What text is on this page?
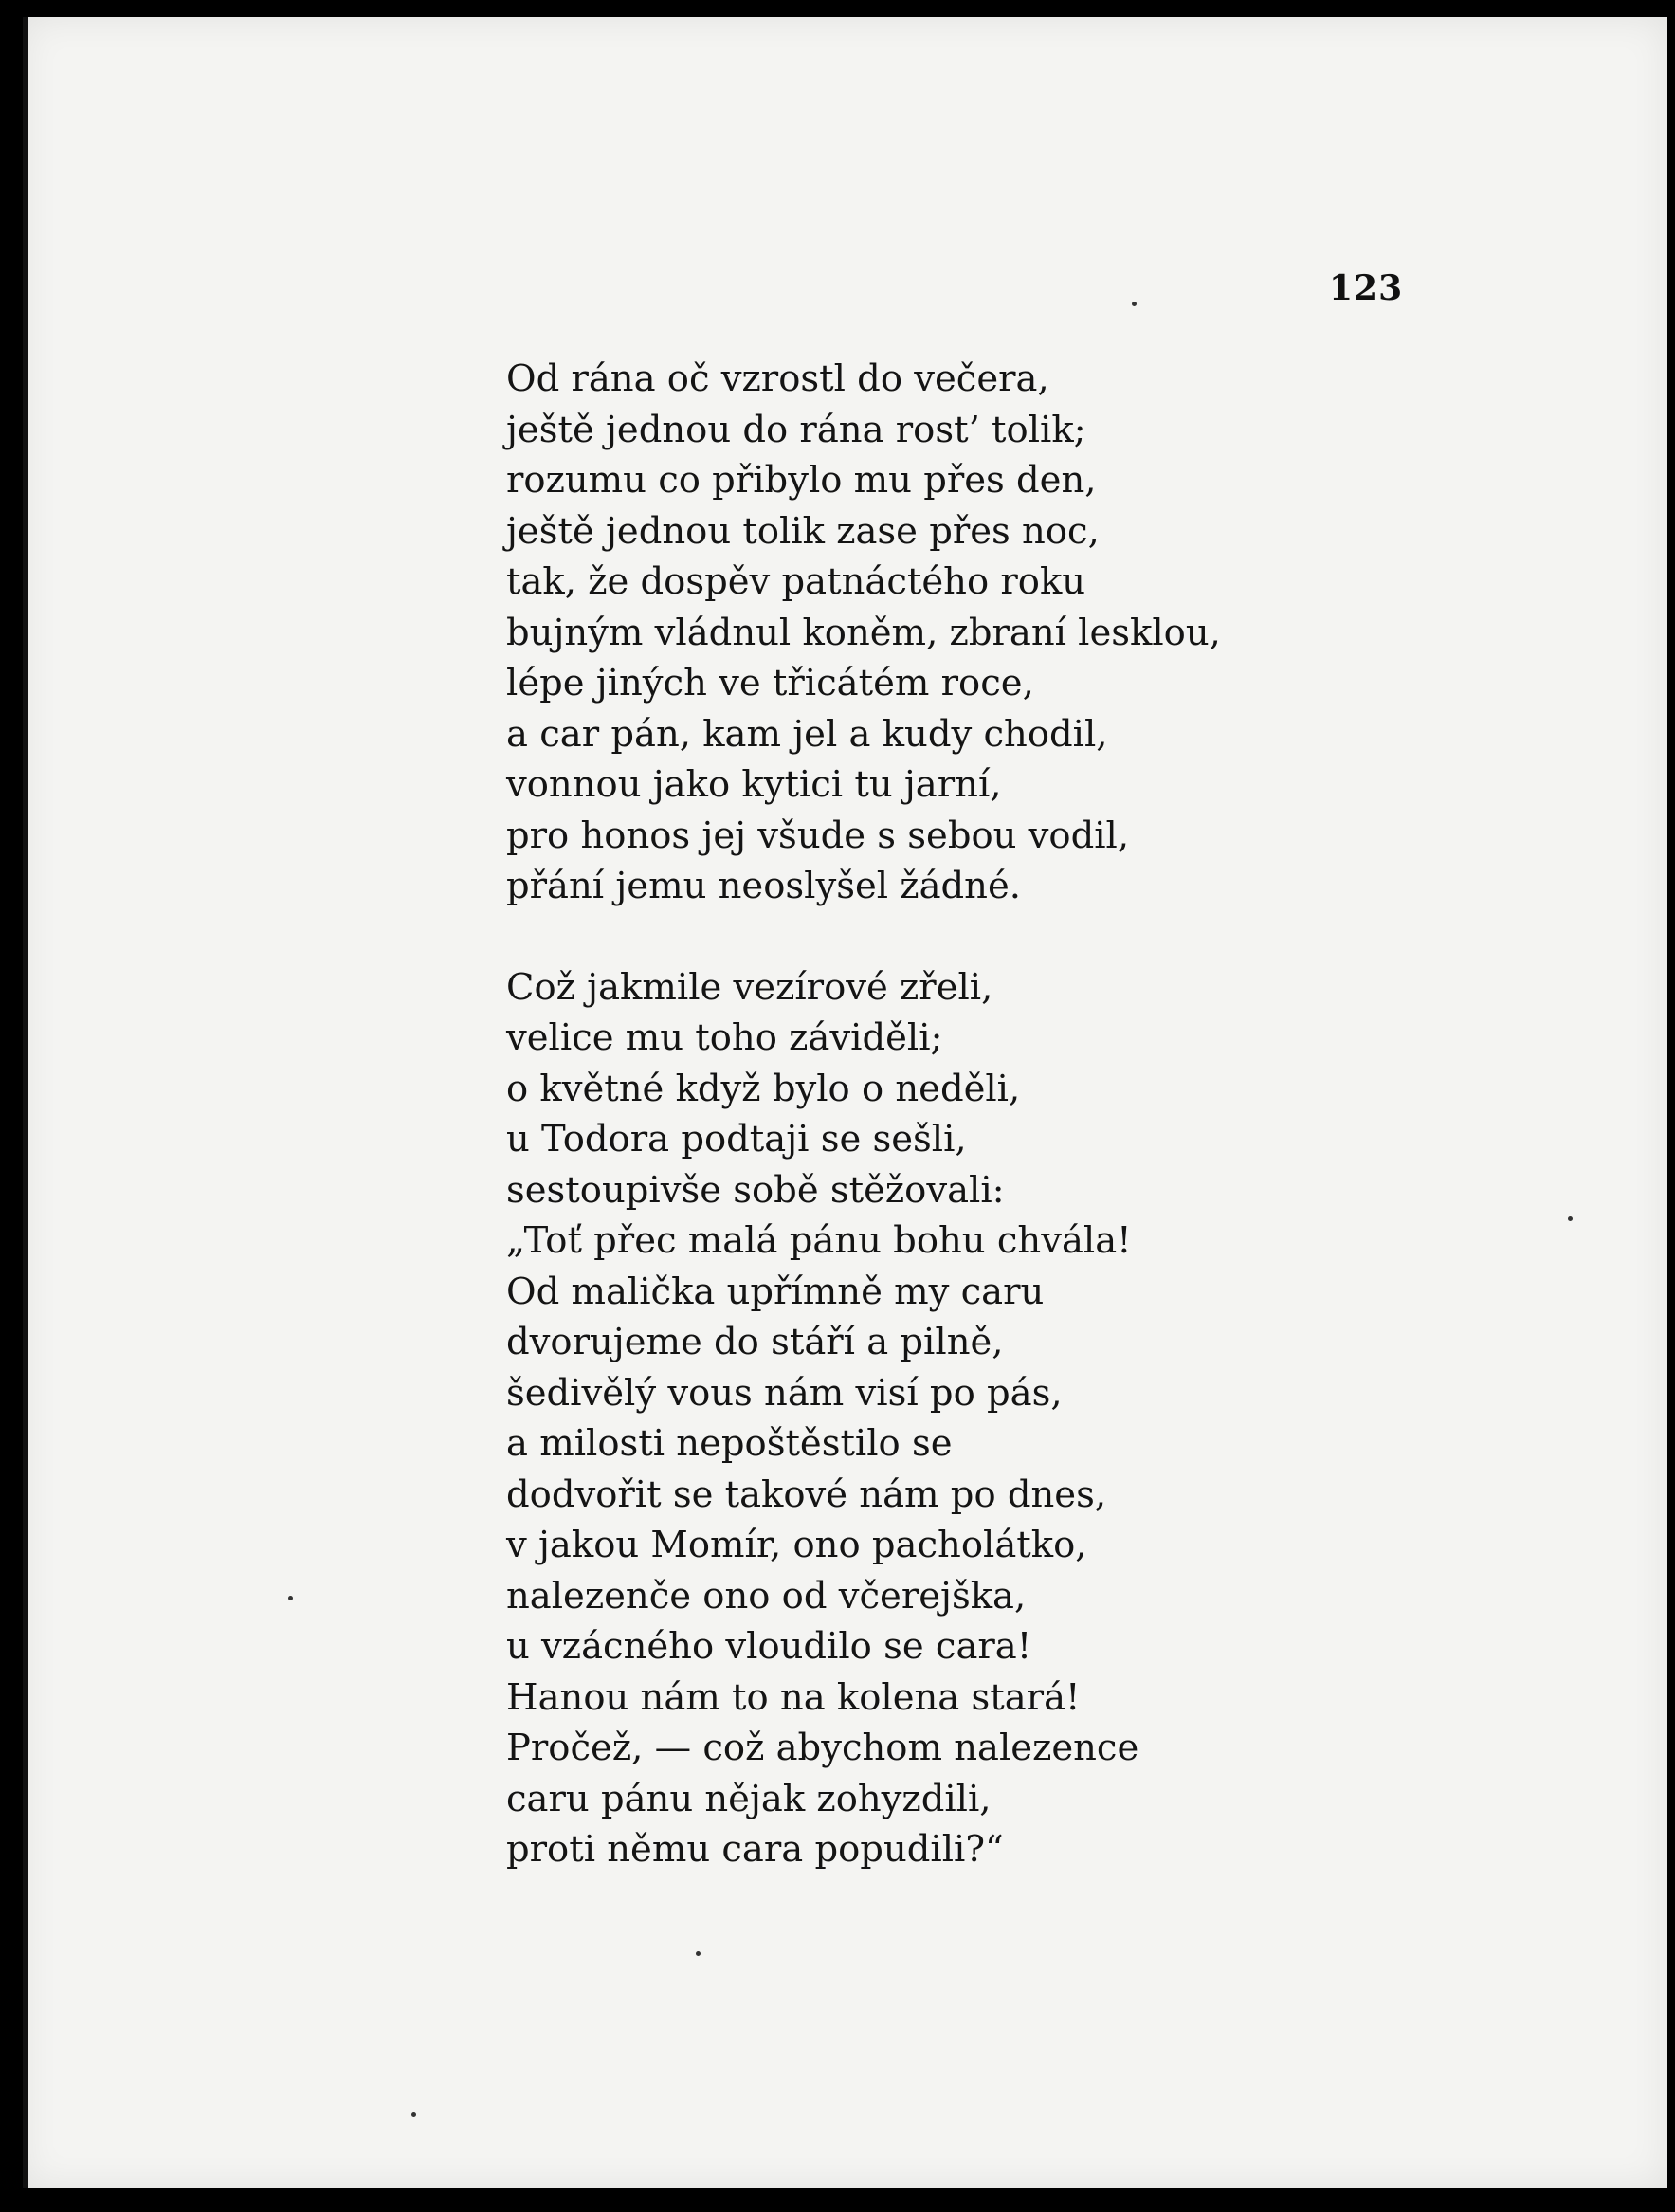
123
Od rána oč vzrostl do večera,
ještě jednou do rána rost’ tolik;
rozumu co přibylo mu přes den,
ještě jednou tolik zase přes noc,
tak, že dospěv patnáctého roku
bujným vládnul koněm, zbraní lesklou,
lépe jiných ve třicátém roce,
a car pán, kam jel a kudy chodil,
vonnou jako kytici tu jarní,
pro honos jej všude s sebou vodil,
přání jemu neoslyšel žádné.
Což jakmile vezírové zřeli,
velice mu toho záviděli;
o květné když bylo o neděli,
u Todora podtaji se sešli,
sestoupivše sobě stěžovali:
„Toť přec malá pánu bohu chvála!
Od malička upřímně my caru
dvorujeme do stáří a pilně,
šedivělý vous nám visí po pás,
a milosti nepoštěstilo se
dodvořit se takové nám po dnes,
v jakou Momír, ono pacholátko,
nalezenče ono od včerejška,
u vzácného vloudilo se cara!
Hanou nám to na kolena stará!
Pročež, — což abychom nalezence
caru pánu nějak zohyzdili,
proti němu cara popudili?“
